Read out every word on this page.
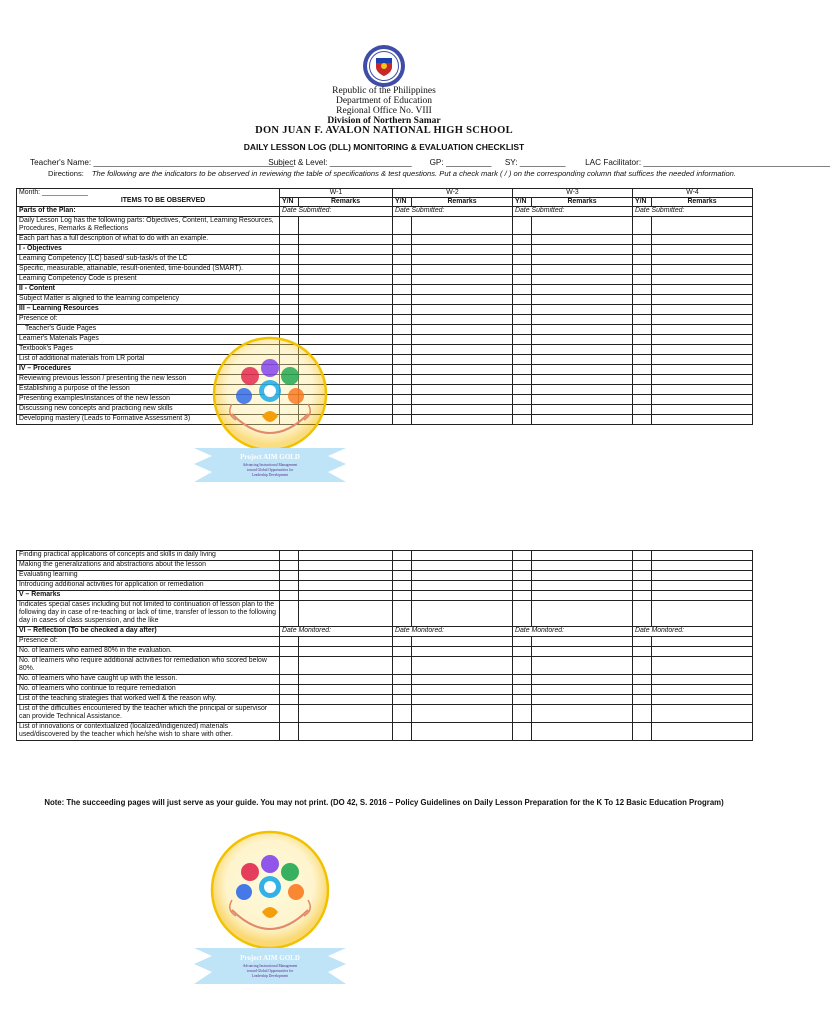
Republic of the Philippines
Department of Education
Regional Office No. VIII
Division of Northern Samar
DON JUAN F. AVALON NATIONAL HIGH SCHOOL
DAILY LESSON LOG (DLL) MONITORING & EVALUATION CHECKLIST
Teacher's Name: ____________________________________________ Subject & Level: __________________ GP: __________ SY: __________ LAC Facilitator: _________________________________________
Directions: The following are the indicators to be observed in reviewing the table of specifications & test questions. Put a check mark ( / ) on the corresponding column that suffices the needed information.
Month: ____________
ITEMS TO BE OBSERVED	W-1		W-2		W-3		W-4	
	Y/N	Remarks	Y/N	Remarks	Y/N	Remarks	Y/N	Remarks
Parts of the Plan:	Date Submitted:		Date Submitted:		Date Submitted:		Date Submitted:	
Daily Lesson Log has the following parts: Objectives, Content, Learning Resources, Procedures, Remarks & Reflections								
Each part has a full description of what to do with an example.								
I - Objectives								
Learning Competency (LC) based/ sub-task/s of the LC								
Specific, measurable, attainable, result-oriented, time-bounded (SMART).								
Learning Competency Code is present								
II - Content								
Subject Matter is aligned to the learning competency								
III – Learning Resources								
Presence of:								
Teacher's Guide Pages								
Learner's Materials Pages								
Textbook's Pages								
List of additional materials from LR portal								
IV – Procedures								
Reviewing previous lesson / presenting the new lesson								
Establishing a purpose of the lesson								
Presenting examples/instances of the new lesson								
Discussing new concepts and practicing new skills								
Developing mastery (Leads to Formative Assessment 3)								
Finding practical applications of concepts and skills in daily living								
Making the generalizations and abstractions about the lesson								
Evaluating learning								
Introducing additional activities for application or remediation								
V – Remarks								
Indicates special cases including but not limited to continuation of lesson plan to the following day in case of re-teaching or lack of time, transfer of lesson to the following day in cases of class suspension, and the like								
VI – Reflection (To be checked a day after)	Date Monitored:		Date Monitored:		Date Monitored:		Date Monitored:	
Presence of:								
No. of learners who earned 80% in the evaluation.								
No. of learners who require additional activities for remediation who scored below 80%.								
No. of learners who have caught up with the lesson.								
No. of learners who continue to require remediation								
List of the teaching strategies that worked well & the reason why.								
List of the difficulties encountered by the teacher which the principal or supervisor can provide Technical Assistance.								
List of innovations or contextualized (localized/indigenized) materials used/discovered by the teacher which he/she wish to share with other.								
Note: The succeeding pages will just serve as your guide. You may not print. (DO 42, S. 2016 – Policy Guidelines on Daily Lesson Preparation for the K To 12 Basic Education Program)
Project AIM GOLD
Advancing Instructional Management
toward Global Opportunities for
Leadership Development
Project AIM GOLD
Advancing Instructional Management
toward Global Opportunities for
Leadership Development
